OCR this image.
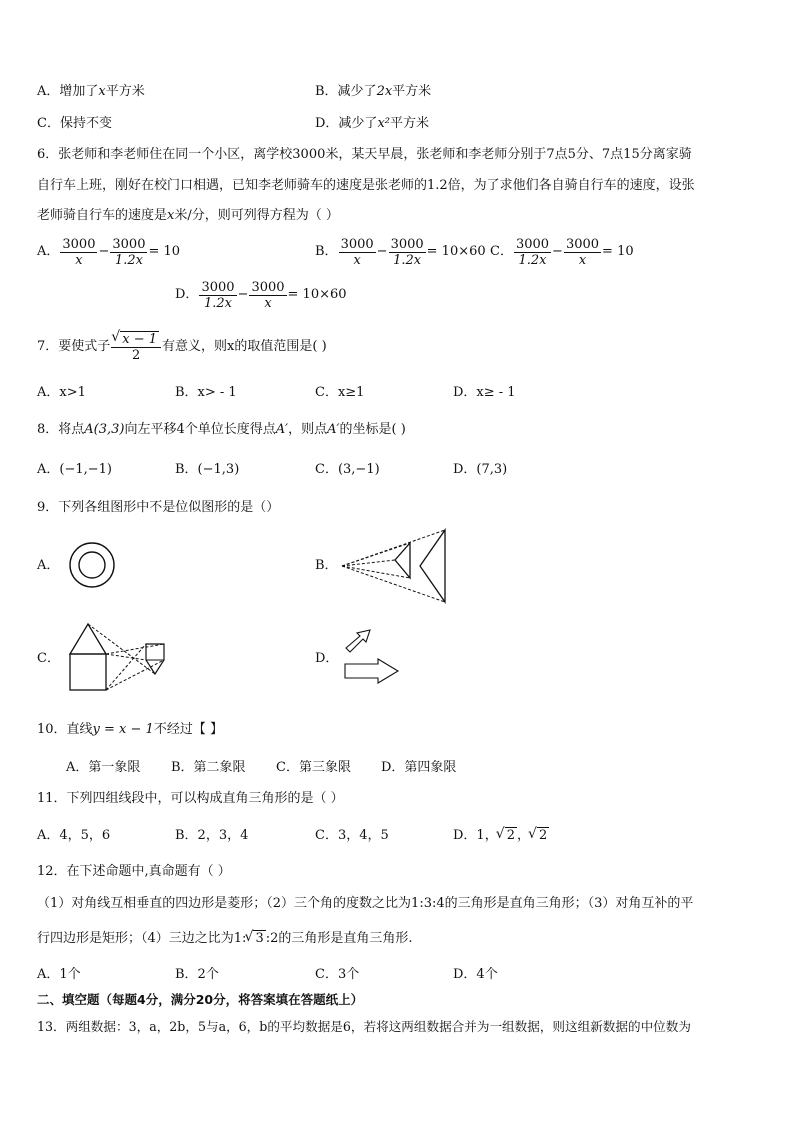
A．增加了x平方米	B．减少了2x平方米
C．保持不变	D．减少了x²平方米
6．张老师和李老师住在同一个小区，离学校3000米，某天早晨，张老师和李老师分别于7点5分、7点15分离家骑
自行车上班，刚好在校门口相遇，已知李老师骑车的速度是张老师的1.2倍，为了求他们各自骑自行车的速度，设张
老师骑自行车的速度是x米/分，则可列得方程为（ ）
A． $\frac{3000}{x} - \frac{3000}{1.2x} = 10$	B． $\frac{3000}{x} - \frac{3000}{1.2x} = 10\times 60$ C． $\frac{3000}{1.2x} - \frac{3000}{x} = 10$
D． $\frac{3000}{1.2x} - \frac{3000}{x} = 10\times 60$
7．要使式子 √ $\frac{x - 1}{2}$ 有意义，则x的取值范围是( )
A．x>1	B．x> - 1	C．x≥1	D．x≥ - 1
8．将点A(3,3)向左平移4个单位长度得点A′，则点A′的坐标是( )
A．(−1,−1)	B．(−1,3)	C．(3,−1)	D．(7,3)
9．下列各组图形中不是位似图形的是（）
A．	B．
C．	D．
10．直线y = x − 1不经过【 】
A．第一象限 B．第二象限 C．第三象限 D．第四象限
11．下列四组线段中，可以构成直角三角形的是（ ）
A．4，5，6	B．2，3，4	C．3，4，5	D．1， √ 2 ， √ 2
12．在下述命题中,真命题有（ ）
（1）对角线互相垂直的四边形是菱形；（2）三个角的度数之比为1:3:4的三角形是直角三角形；（3）对角互补的平
行四边形是矩形；（4）三边之比为1: √ 3 :2的三角形是直角三角形.
A．1个	B．2个	C．3个	D．4个
二、填空题（每题4分，满分20分，将答案填在答题纸上）
13．两组数据：3，a，2b，5与a，6，b的平均数据是6，若将这两组数据合并为一组数据，则这组新数据的中位数为
